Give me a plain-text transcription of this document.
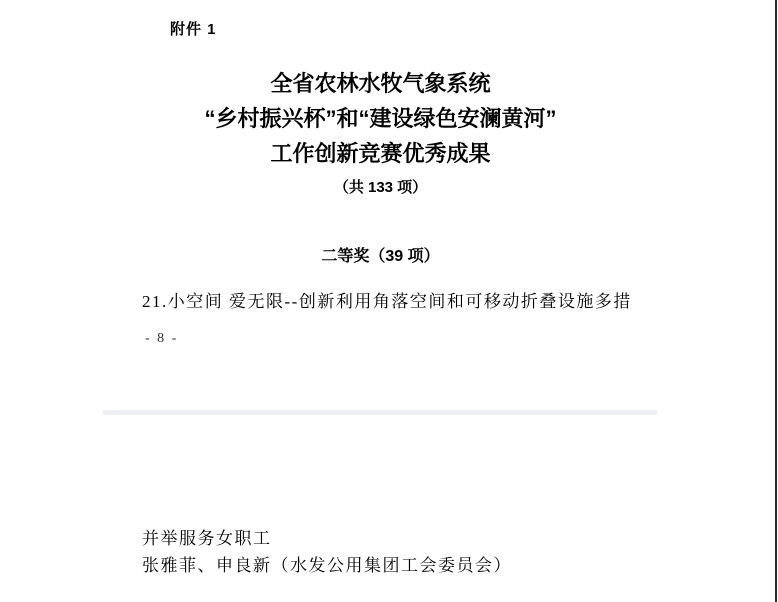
附件 1
全省农林水牧气象系统
“乡村振兴杯”和“建设绿色安澜黄河”
工作创新竞赛优秀成果
（共 133 项）
二等奖（39 项）
21.小空间 爱无限--创新利用角落空间和可移动折叠设施多措
- 8 -
并举服务女职工
张雅菲、申良新（水发公用集团工会委员会）
